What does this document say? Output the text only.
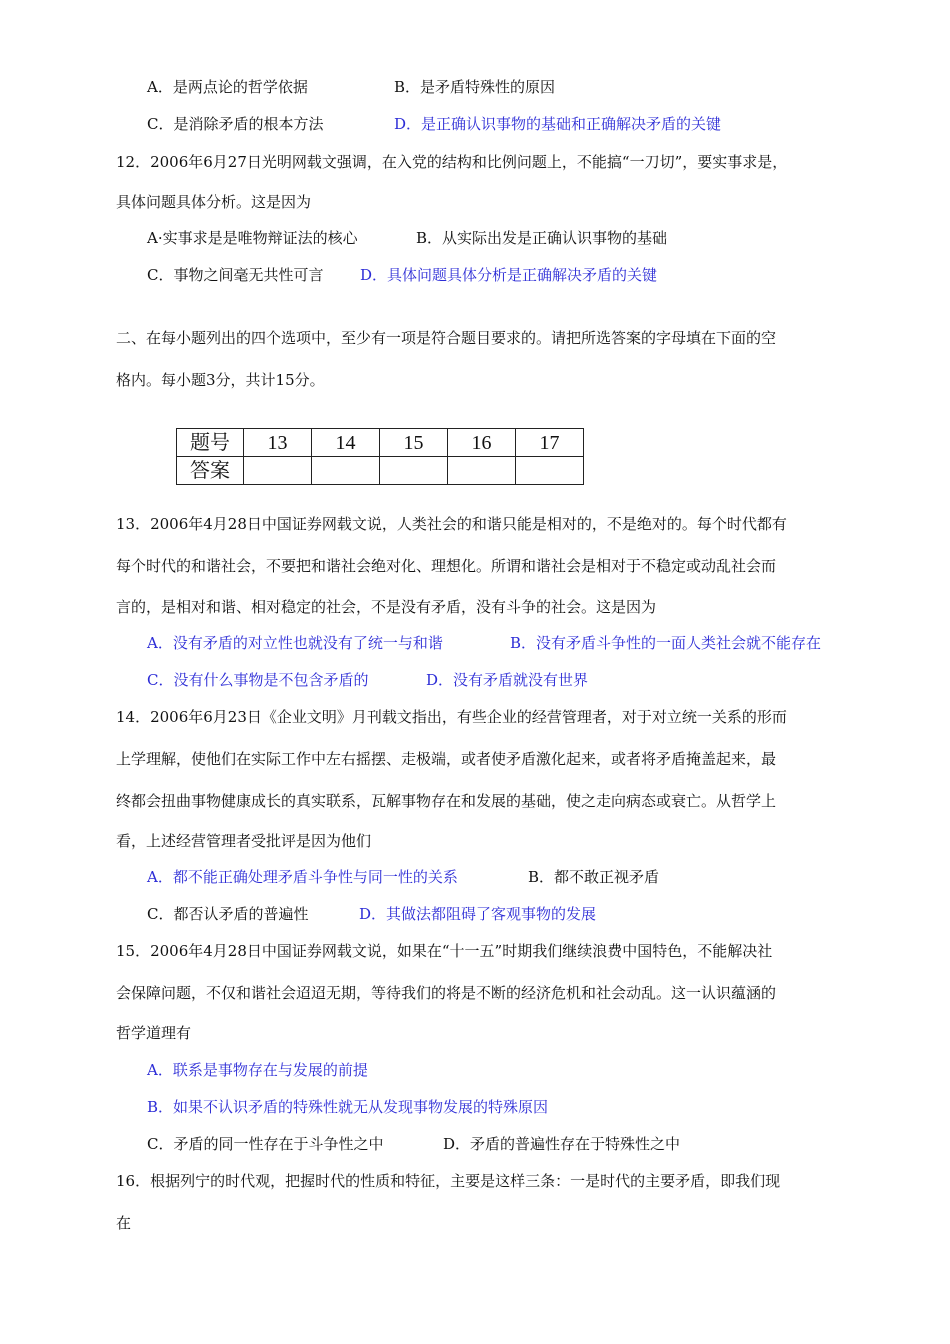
A．是两点论的哲学依据	B．是矛盾特殊性的原因
C．是消除矛盾的根本方法	D．是正确认识事物的基础和正确解决矛盾的关键
12．2006年6月27日光明网载文强调，在入党的结构和比例问题上，不能搞“一刀切”，要实事求是，
具体问题具体分析。这是因为
A·实事求是是唯物辩证法的核心	B．从实际出发是正确认识事物的基础
C．事物之间毫无共性可言 D．具体问题具体分析是正确解决矛盾的关键
二、在每小题列出的四个选项中，至少有一项是符合题目要求的。请把所选答案的字母填在下面的空
格内。每小题3分，共计15分。
题号	13	14	15	16	17
答案					
13．2006年4月28日中国证券网载文说，人类社会的和谐只能是相对的，不是绝对的。每个时代都有
每个时代的和谐社会，不要把和谐社会绝对化、理想化。所谓和谐社会是相对于不稳定或动乱社会而
言的，是相对和谐、相对稳定的社会，不是没有矛盾，没有斗争的社会。这是因为
A．没有矛盾的对立性也就没有了统一与和谐	B．没有矛盾斗争性的一面人类社会就不能存在
C．没有什么事物是不包含矛盾的	D．没有矛盾就没有世界
14．2006年6月23日《企业文明》月刊载文指出，有些企业的经营管理者，对于对立统一关系的形而
上学理解，使他们在实际工作中左右摇摆、走极端，或者使矛盾激化起来，或者将矛盾掩盖起来，最
终都会扭曲事物健康成长的真实联系，瓦解事物存在和发展的基础，使之走向病态或衰亡。从哲学上
看，上述经营管理者受批评是因为他们
A．都不能正确处理矛盾斗争性与同一性的关系	B．都不敢正视矛盾
C．都否认矛盾的普遍性	D．其做法都阻碍了客观事物的发展
15．2006年4月28日中国证券网载文说，如果在“十一五”时期我们继续浪费中国特色，不能解决社
会保障问题，不仅和谐社会迢迢无期，等待我们的将是不断的经济危机和社会动乱。这一认识蕴涵的
哲学道理有
A．联系是事物存在与发展的前提
B．如果不认识矛盾的特殊性就无从发现事物发展的特殊原因
C．矛盾的同一性存在于斗争性之中	D．矛盾的普遍性存在于特殊性之中
16．根据列宁的时代观，把握时代的性质和特征，主要是这样三条：一是时代的主要矛盾，即我们现
在
